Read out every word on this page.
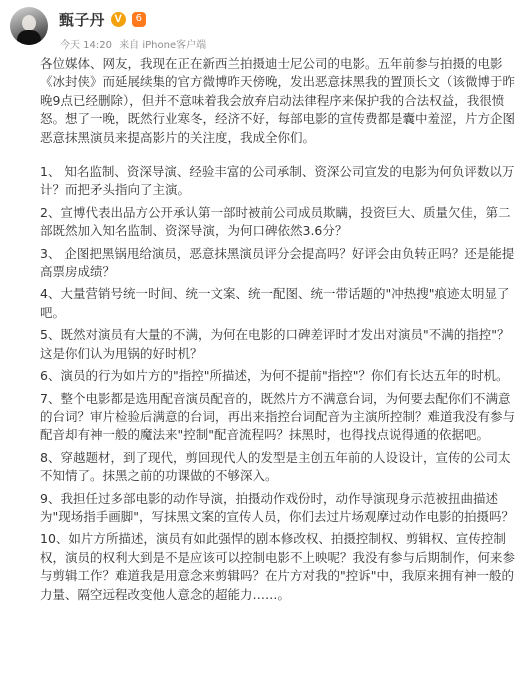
甄子丹 V	6
今天 14:20 来自 iPhone客户端

各位媒体、网友，我现在正在新西兰拍摄迪士尼公司的电影。五年前参与拍摄的电影《冰封侠》而延展续集的官方微博昨天傍晚，发出恶意抹黑我的置顶长文（该微博于昨晚9点已经删除），但并不意味着我会放弃启动法律程序来保护我的合法权益，我很愤怒。想了一晚，既然行业寒冬，经济不好，每部电影的宣传费都是囊中羞涩，片方企图恶意抹黑演员来提高影片的关注度，我成全你们。

1、 知名监制、资深导演、经验丰富的公司承制、资深公司宣发的电影为何负评数以万计？而把矛头指向了主演。

2、宣博代表出品方公开承认第一部时被前公司成员欺瞒，投资巨大、质量欠佳，第二部既然加入知名监制、资深导演，为何口碑依然3.6分？

3、 企图把黑锅甩给演员，恶意抹黑演员评分会提高吗？好评会由负转正吗？还是能提高票房成绩？

4、大量营销号统一时间、统一文案、统一配图、统一带话题的"冲热搜"痕迹太明显了吧。

5、既然对演员有大量的不满，为何在电影的口碑差评时才发出对演员"不满的指控"？这是你们认为甩锅的好时机？

6、演员的行为如片方的"指控"所描述，为何不提前"指控"？你们有长达五年的时机。

7、整个电影都是选用配音演员配音的，既然片方不满意台词，为何要去配你们不满意的台词？审片检验后满意的台词，再出来指控台词配音为主演所控制？难道我没有参与配音却有神一般的魔法来"控制"配音流程吗？抹黑时，也得找点说得通的依据吧。

8、穿越题材，到了现代，剪回现代人的发型是主创五年前的人设设计，宣传的公司太不知情了。抹黑之前的功课做的不够深入。

9、我担任过多部电影的动作导演，拍摄动作戏份时，动作导演现身示范被扭曲描述为"现场指手画脚"，写抹黑文案的宣传人员，你们去过片场观摩过动作电影的拍摄吗？

10、如片方所描述，演员有如此强悍的剧本修改权、拍摄控制权、剪辑权、宣传控制权，演员的权利大到是不是应该可以控制电影不上映呢？我没有参与后期制作，何来参与剪辑工作？难道我是用意念来剪辑吗？在片方对我的"控诉"中，我原来拥有神一般的力量、隔空远程改变他人意念的超能力……。
